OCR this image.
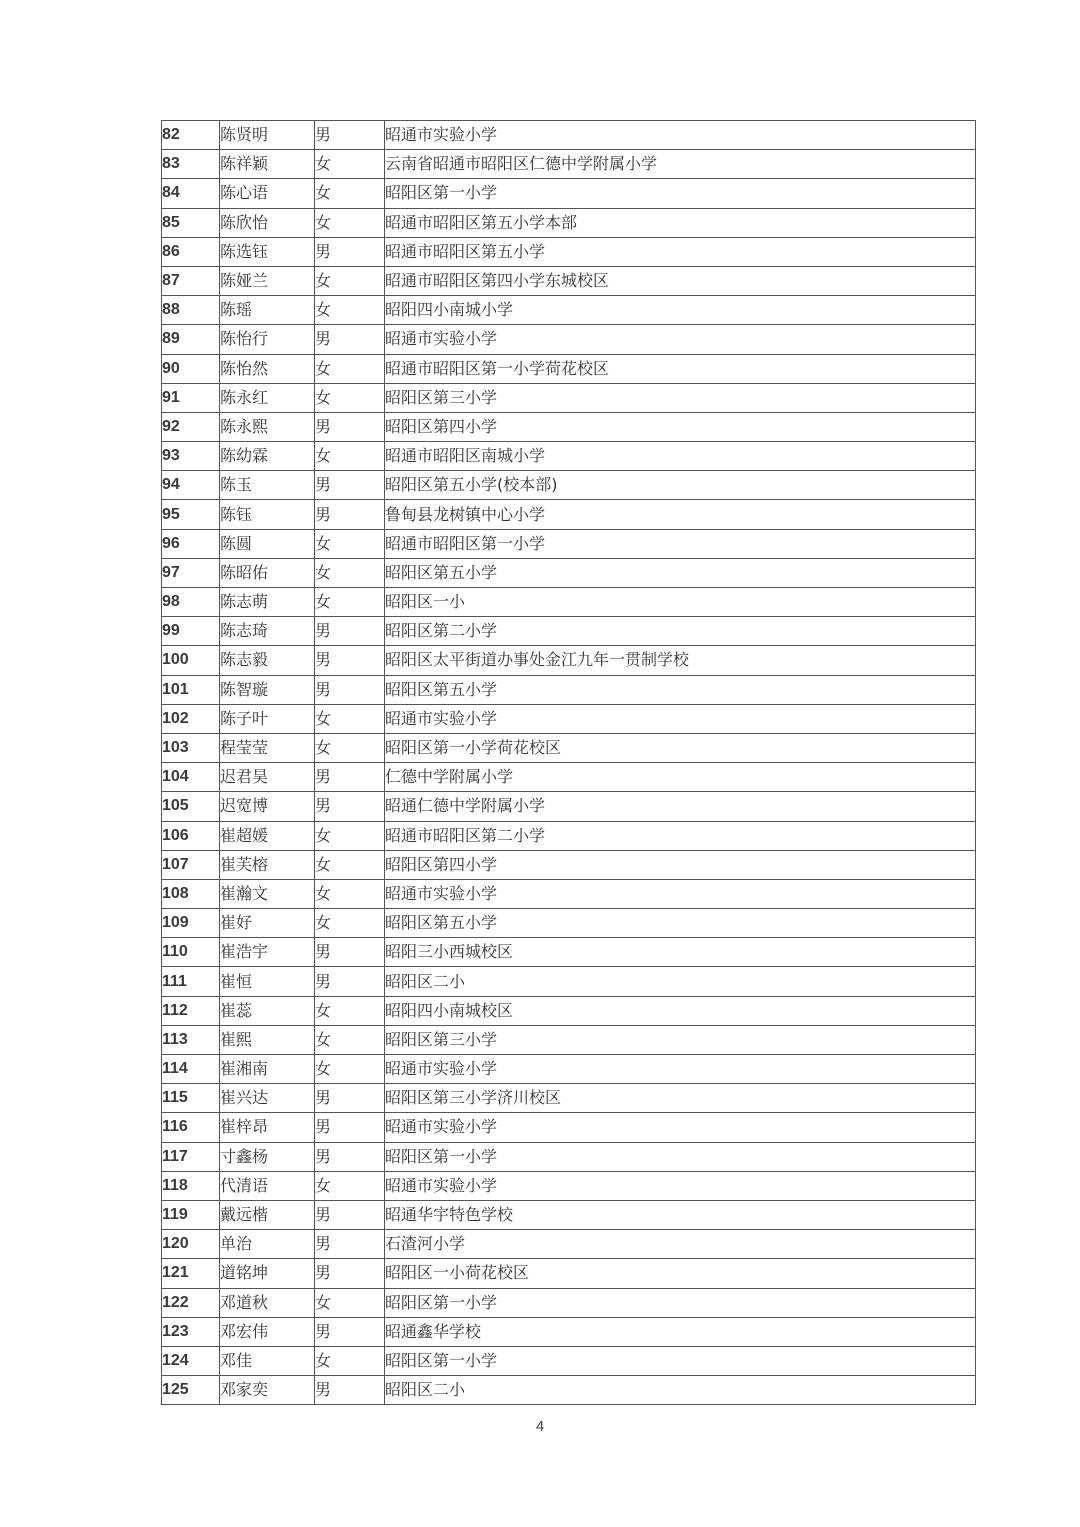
82	陈贤明	男	昭通市实验小学
83	陈祥颖	女	云南省昭通市昭阳区仁德中学附属小学
84	陈心语	女	昭阳区第一小学
85	陈欣怡	女	昭通市昭阳区第五小学本部
86	陈选钰	男	昭通市昭阳区第五小学
87	陈娅兰	女	昭通市昭阳区第四小学东城校区
88	陈瑶	女	昭阳四小南城小学
89	陈怡行	男	昭通市实验小学
90	陈怡然	女	昭通市昭阳区第一小学荷花校区
91	陈永红	女	昭阳区第三小学
92	陈永熙	男	昭阳区第四小学
93	陈幼霖	女	昭通市昭阳区南城小学
94	陈玉	男	昭阳区第五小学(校本部)
95	陈钰	男	鲁甸县龙树镇中心小学
96	陈圆	女	昭通市昭阳区第一小学
97	陈昭佑	女	昭阳区第五小学
98	陈志萌	女	昭阳区一小
99	陈志琦	男	昭阳区第二小学
100	陈志毅	男	昭阳区太平街道办事处金江九年一贯制学校
101	陈智璇	男	昭阳区第五小学
102	陈子叶	女	昭通市实验小学
103	程莹莹	女	昭阳区第一小学荷花校区
104	迟君昊	男	仁德中学附属小学
105	迟宽博	男	昭通仁德中学附属小学
106	崔超媛	女	昭通市昭阳区第二小学
107	崔芙榕	女	昭阳区第四小学
108	崔瀚文	女	昭通市实验小学
109	崔好	女	昭阳区第五小学
110	崔浩宇	男	昭阳三小西城校区
111	崔恒	男	昭阳区二小
112	崔蕊	女	昭阳四小南城校区
113	崔熙	女	昭阳区第三小学
114	崔湘南	女	昭通市实验小学
115	崔兴达	男	昭阳区第三小学济川校区
116	崔梓昂	男	昭通市实验小学
117	寸鑫杨	男	昭阳区第一小学
118	代清语	女	昭通市实验小学
119	戴远楷	男	昭通华宇特色学校
120	单治	男	石渣河小学
121	道铭坤	男	昭阳区一小荷花校区
122	邓道秋	女	昭阳区第一小学
123	邓宏伟	男	昭通鑫华学校
124	邓佳	女	昭阳区第一小学
125	邓家奕	男	昭阳区二小
4
